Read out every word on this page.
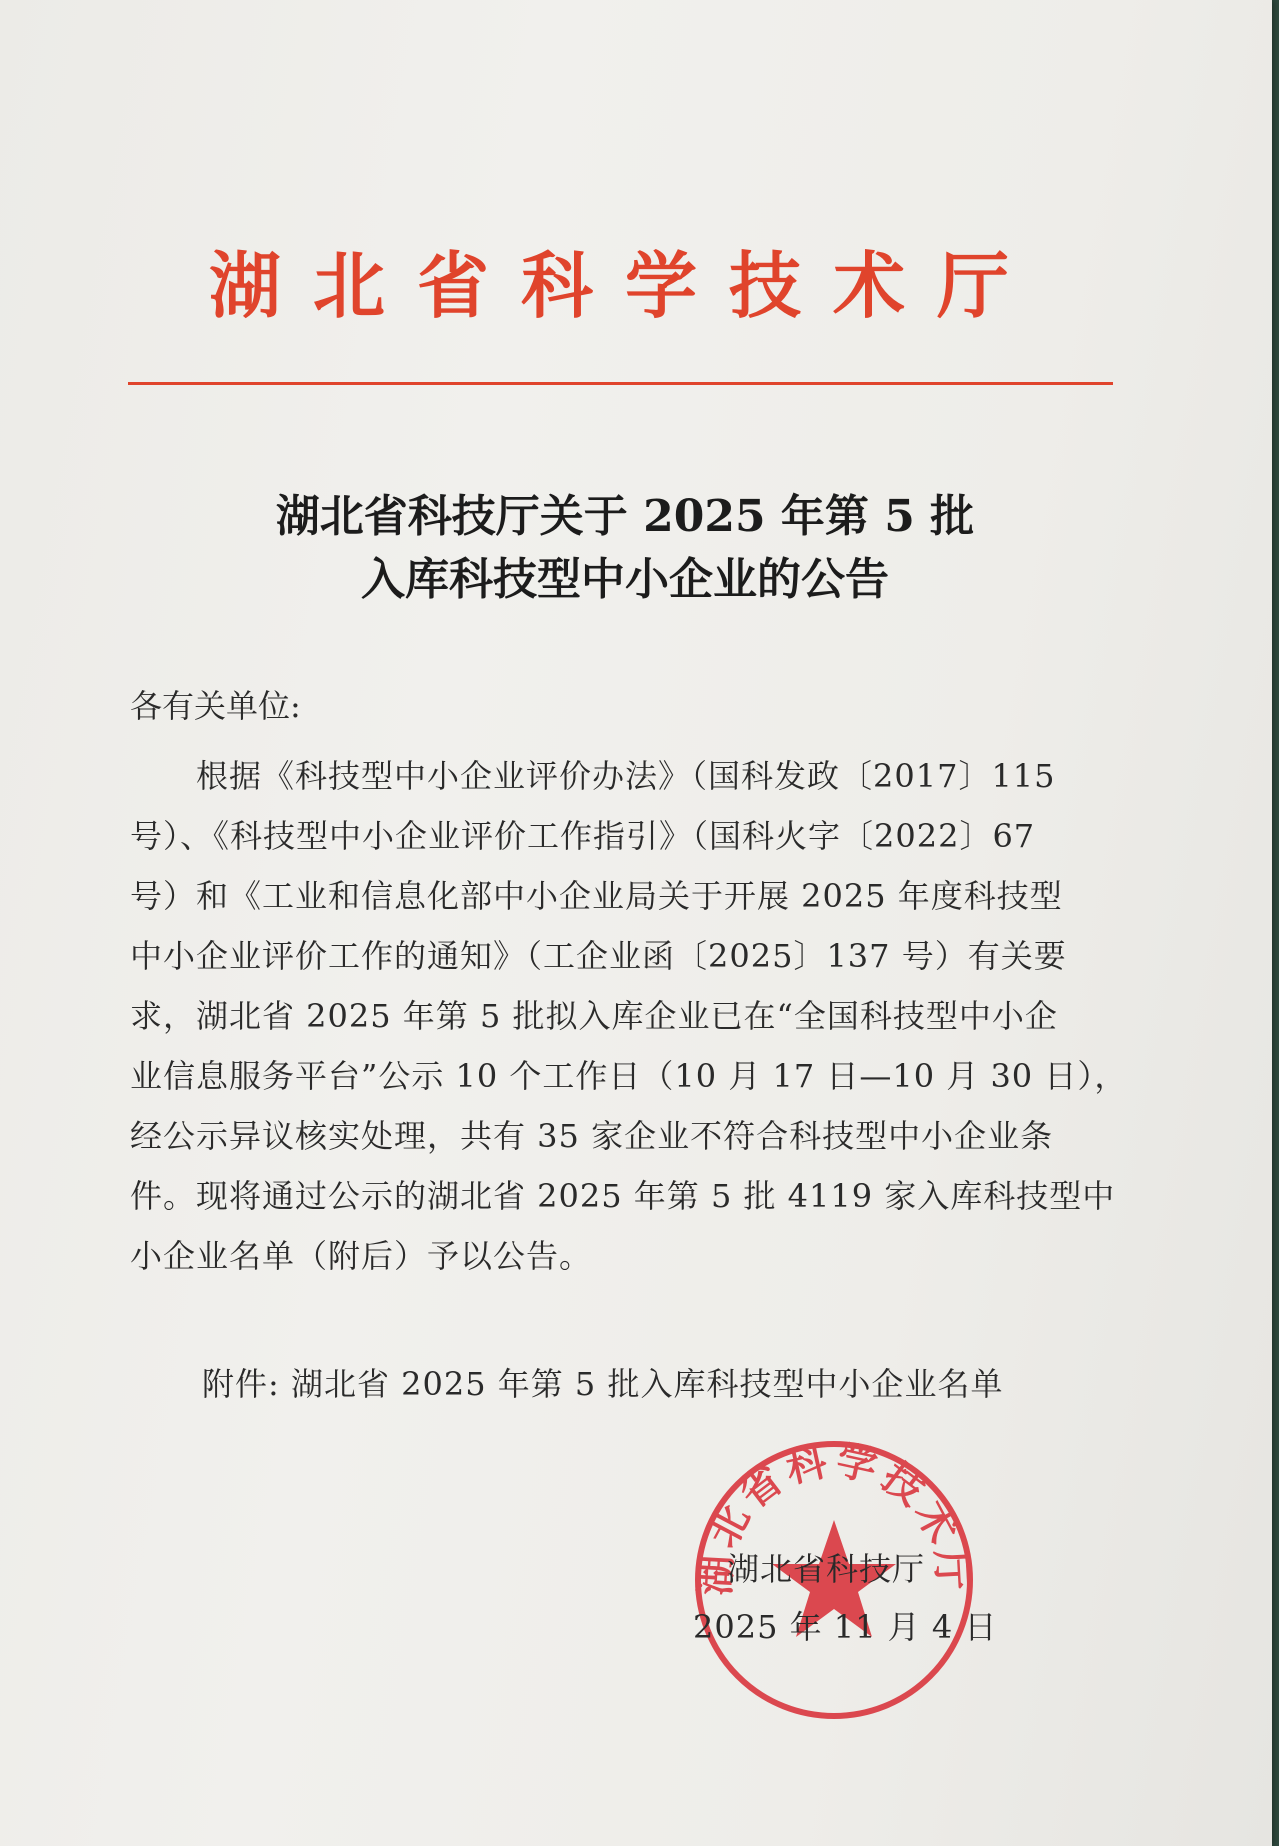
湖北省科学技术厅
湖北省科技厅关于 2025 年第 5 批
入库科技型中小企业的公告

各有关单位:

　　根据《科技型中小企业评价办法》（国科发政〔2017〕115

号）、《科技型中小企业评价工作指引》（国科火字〔2022〕67

号）和《工业和信息化部中小企业局关于开展 2025 年度科技型

中小企业评价工作的通知》（工企业函〔2025〕137 号）有关要

求，湖北省 2025 年第 5 批拟入库企业已在“全国科技型中小企

业信息服务平台”公示 10 个工作日（10 月 17 日—10 月 30 日），

经公示异议核实处理，共有 35 家企业不符合科技型中小企业条

件。现将通过公示的湖北省 2025 年第 5 批 4119 家入库科技型中

小企业名单（附后）予以公告。

附件: 湖北省 2025 年第 5 批入库科技型中小企业名单

湖北省科学技术厅

湖北省科技厅

2025 年 11 月 4 日
